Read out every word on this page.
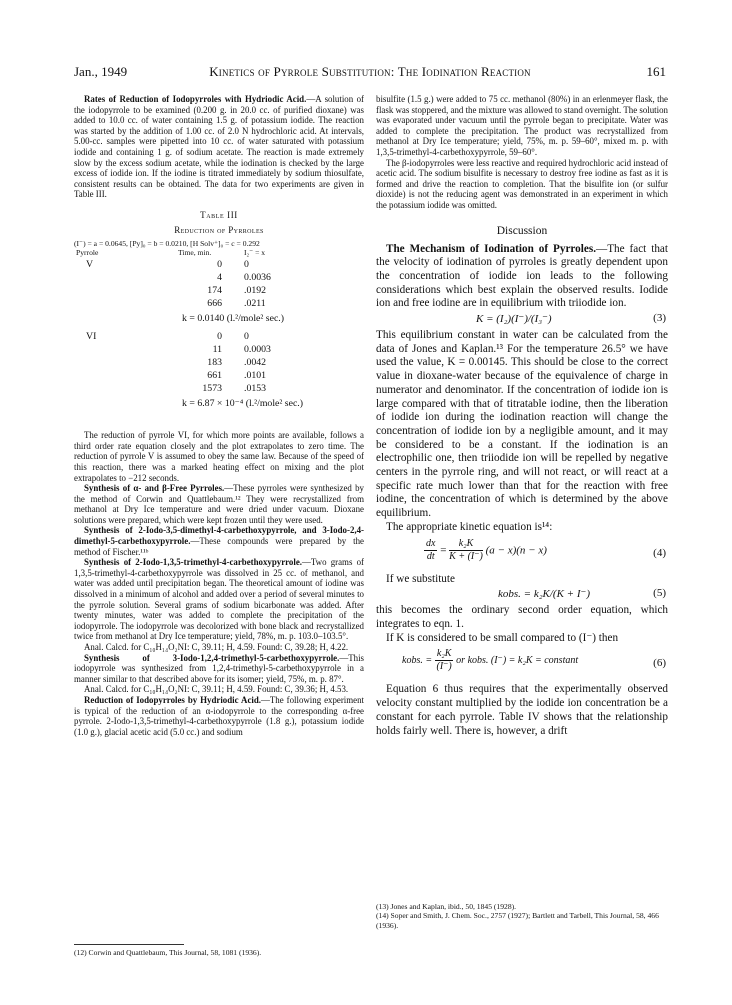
Jan., 1949	Kinetics of Pyrrole Substitution: The Iodination Reaction	161

Rates of Reduction of Iodopyrroles with Hydriodic Acid.—A solution of the iodopyrrole to be examined (0.200 g. in 20.0 cc. of purified dioxane) was added to 10.0 cc. of water containing 1.5 g. of potassium iodide. The reaction was started by the addition of 1.00 cc. of 2.0 N hydrochloric acid. At intervals, 5.00-cc. samples were pipetted into 10 cc. of water saturated with potassium iodide and containing 1 g. of sodium acetate. The reaction is made extremely slow by the excess sodium acetate, while the iodination is checked by the large excess of iodide ion. If the iodine is titrated immediately by sodium thiosulfate, consistent results can be obtained. The data for two experiments are given in Table III.

Table III
Reduction of Pyrroles
(I⁻) = a = 0.0645, [Py]₀ = b = 0.0210, [H Solv⁺]₀ = c = 0.292
Pyrrole	Time, min.	I₂⁻ = x
V	0 0
4 0.0036
174 .0192
666 .0211
k = 0.0140 (l.²/mole² sec.)
VI	0 0
11 0.0003
183 .0042
661 .0101
1573 .0153
k = 6.87 × 10⁻⁴ (l.²/mole² sec.)

The reduction of pyrrole VI, for which more points are available, follows a third order rate equation closely and the plot extrapolates to zero time. The reduction of pyrrole V is assumed to obey the same law. Because of the speed of this reaction, there was a marked heating effect on mixing and the plot extrapolates to −212 seconds.

Synthesis of α- and β-Free Pyrroles.—These pyrroles were synthesized by the method of Corwin and Quattlebaum.¹² They were recrystallized from methanol at Dry Ice temperature and were dried under vacuum. Dioxane solutions were prepared, which were kept frozen until they were used.

Synthesis of 2-Iodo-3,5-dimethyl-4-carbethoxypyrrole, and 3-Iodo-2,4-dimethyl-5-carbethoxypyrrole.—These compounds were prepared by the method of Fischer.¹¹ᵇ

Synthesis of 2-Iodo-1,3,5-trimethyl-4-carbethoxypyrrole.—Two grams of 1,3,5-trimethyl-4-carbethoxypyrrole was dissolved in 25 cc. of methanol, and water was added until precipitation began. The theoretical amount of iodine was dissolved in a minimum of alcohol and added over a period of several minutes to the pyrrole solution. Several grams of sodium bicarbonate was added. After twenty minutes, water was added to complete the precipitation of the iodopyrrole. The iodopyrrole was decolorized with bone black and recrystallized twice from methanol at Dry Ice temperature; yield, 78%, m. p. 103.0–103.5°.

Anal. Calcd. for C₁₀H₁₄O₂NI: C, 39.11; H, 4.59. Found: C, 39.28; H, 4.22.

Synthesis of 3-Iodo-1,2,4-trimethyl-5-carbethoxypyrrole.—This iodopyrrole was synthesized from 1,2,4-trimethyl-5-carbethoxypyrrole in a manner similar to that described above for its isomer; yield, 75%, m. p. 87°.

Anal. Calcd. for C₁₀H₁₄O₂NI: C, 39.11; H, 4.59. Found: C, 39.36; H, 4.53.

Reduction of Iodopyrroles by Hydriodic Acid.—The following experiment is typical of the reduction of an α-iodopyrrole to the corresponding α-free pyrrole. 2-Iodo-1,3,5-trimethyl-4-carbethoxypyrrole (1.8 g.), potassium iodide (1.0 g.), glacial acetic acid (5.0 cc.) and sodium

(12) Corwin and Quattlebaum, This Journal, 58, 1081 (1936).

bisulfite (1.5 g.) were added to 75 cc. methanol (80%) in an erlenmeyer flask, the flask was stoppered, and the mixture was allowed to stand overnight. The solution was evaporated under vacuum until the pyrrole began to precipitate. Water was added to complete the precipitation. The product was recrystallized from methanol at Dry Ice temperature; yield, 75%, m. p. 59–60°, mixed m. p. with 1,3,5-trimethyl-4-carbethoxypyrrole, 59–60°.

The β-iodopyrroles were less reactive and required hydrochloric acid instead of acetic acid. The sodium bisulfite is necessary to destroy free iodine as fast as it is formed and drive the reaction to completion. That the bisulfite ion (or sulfur dioxide) is not the reducing agent was demonstrated in an experiment in which the potassium iodide was omitted.

Discussion

The Mechanism of Iodination of Pyrroles.—The fact that the velocity of iodination of pyrroles is greatly dependent upon the concentration of iodide ion leads to the following considerations which best explain the observed results. Iodide ion and free iodine are in equilibrium with triiodide ion.

K = (I₂)(I⁻)/(I₃⁻)	(3)

This equilibrium constant in water can be calculated from the data of Jones and Kaplan.¹³ For the temperature 26.5° we have used the value, K = 0.00145. This should be close to the correct value in dioxane-water because of the equivalence of charge in numerator and denominator. If the concentration of iodide ion is large compared with that of titratable iodine, then the liberation of iodide ion during the iodination reaction will change the concentration of iodide ion by a negligible amount, and it may be considered to be a constant. If the iodination is an electrophilic one, then triiodide ion will be repelled by negative centers in the pyrrole ring, and will not react, or will react at a specific rate much lower than that for the reaction with free iodine, the concentration of which is determined by the above equilibrium.

The appropriate kinetic equation is¹⁴:

$\frac{dx}{dt} = \frac{\text{k₂K}}{K + (I^-)} (a - x)(n - x)$	(4)

If we substitute

kobs. = k₂K/(K + I⁻)	(5)

this becomes the ordinary second order equation, which integrates to eqn. 1.

If K is considered to be small compared to (I⁻) then

kobs. = $\frac{\text{k₂K}}{(I^-)}$ or kobs. (I⁻) = k₂K = constant	(6)

Equation 6 thus requires that the experimentally observed velocity constant multiplied by the iodide ion concentration be a constant for each pyrrole. Table IV shows that the relationship holds fairly well. There is, however, a drift

(13) Jones and Kaplan, ibid., 50, 1845 (1928).
(14) Soper and Smith, J. Chem. Soc., 2757 (1927); Bartlett and Tarbell, This Journal, 58, 466 (1936).
